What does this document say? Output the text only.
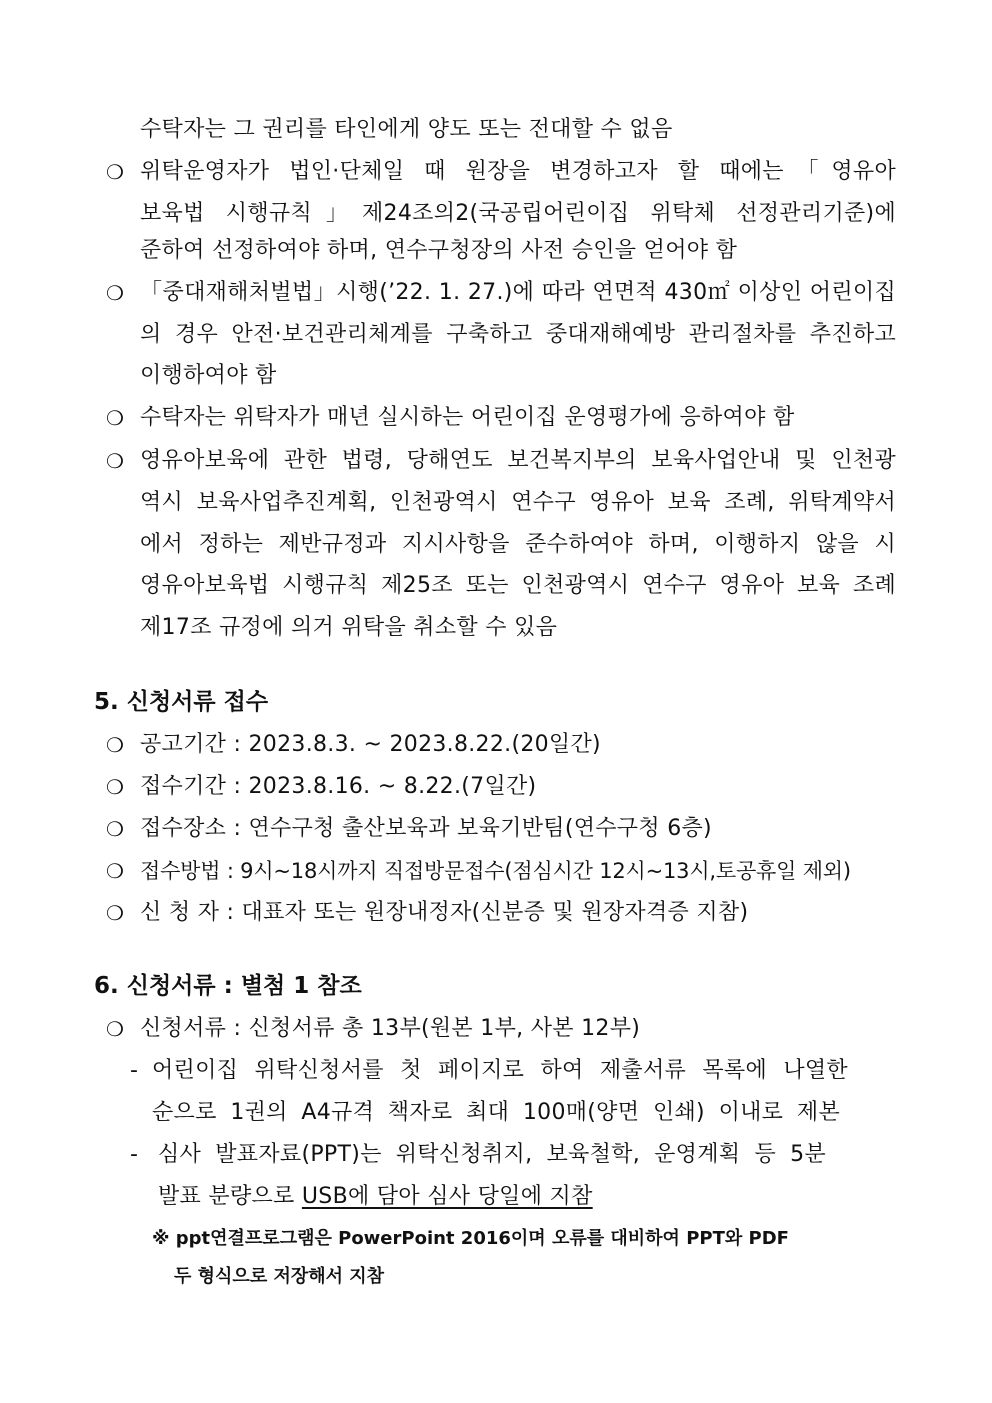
수탁자는 그 권리를 타인에게 양도 또는 전대할 수 없음
❍ 위탁운영자가 법인·단체일 때 원장을 변경하고자 할 때에는「영유아
보육법 시행규칙」제24조의2(국공립어린이집 위탁체 선정관리기준)에
준하여 선정하여야 하며, 연수구청장의 사전 승인을 얻어야 함
❍ 「중대재해처벌법」시행(’22. 1. 27.)에 따라 연면적 430㎡ 이상인 어린이집
의 경우 안전·보건관리체계를 구축하고 중대재해예방 관리절차를 추진하고
이행하여야 함
❍ 수탁자는 위탁자가 매년 실시하는 어린이집 운영평가에 응하여야 함
❍ 영유아보육에 관한 법령, 당해연도 보건복지부의 보육사업안내 및 인천광
역시 보육사업추진계획, 인천광역시 연수구 영유아 보육 조례, 위탁계약서
에서 정하는 제반규정과 지시사항을 준수하여야 하며, 이행하지 않을 시
영유아보육법 시행규칙 제25조 또는 인천광역시 연수구 영유아 보육 조례
제17조 규정에 의거 위탁을 취소할 수 있음
5. 신청서류 접수
❍ 공고기간 : 2023.8.3. ~ 2023.8.22.(20일간)
❍ 접수기간 : 2023.8.16. ~ 8.22.(7일간)
❍ 접수장소 : 연수구청 출산보육과 보육기반팀(연수구청 6층)
❍ 접수방법 : 9시~18시까지 직접방문접수(점심시간 12시~13시,토공휴일 제외)
❍ 신 청 자 : 대표자 또는 원장내정자(신분증 및 원장자격증 지참)
6. 신청서류 : 별첨 1 참조
❍ 신청서류 : 신청서류 총 13부(원본 1부, 사본 12부)
- 어린이집 위탁신청서를 첫 페이지로 하여 제출서류 목록에 나열한
순으로 1권의 A4규격 책자로 최대 100매(양면 인쇄) 이내로 제본
- 심사 발표자료(PPT)는 위탁신청취지, 보육철학, 운영계획 등 5분
발표 분량으로 USB에 담아 심사 당일에 지참
※ ppt연결프로그램은 PowerPoint 2016이며 오류를 대비하여 PPT와 PDF
두 형식으로 저장해서 지참
